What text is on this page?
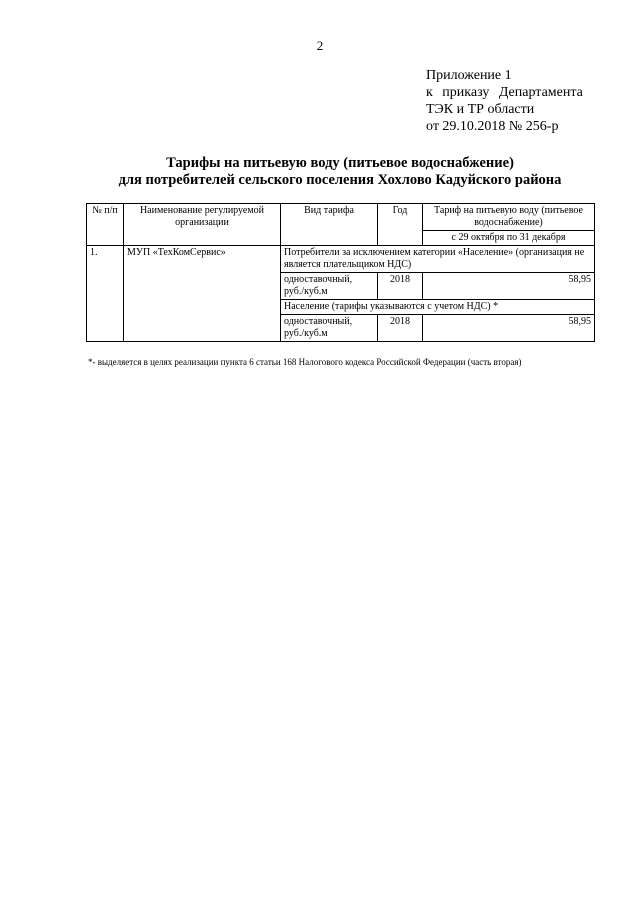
2
Приложение 1
к приказу Департамента
ТЭК и ТР области
от 29.10.2018 № 256-р
Тарифы на питьевую воду (питьевое водоснабжение)
для потребителей сельского поселения Хохлово Кадуйского района
№ п/п	Наименование регулируемой организации	Вид тарифа	Год	Тариф на питьевую воду (питьевое водоснабжение)
				с 29 октября по 31 декабря
1.	МУП «ТехКомСервис»	Потребители за исключением категории «Население» (организация не является плательщиком НДС)		
		одноставочный, руб./куб.м	2018	58,95
		Население (тарифы указываются с учетом НДС) *		
		одноставочный, руб./куб.м	2018	58,95
*- выделяется в целях реализации пункта 6 статьи 168 Налогового кодекса Российской Федерации (часть вторая)
